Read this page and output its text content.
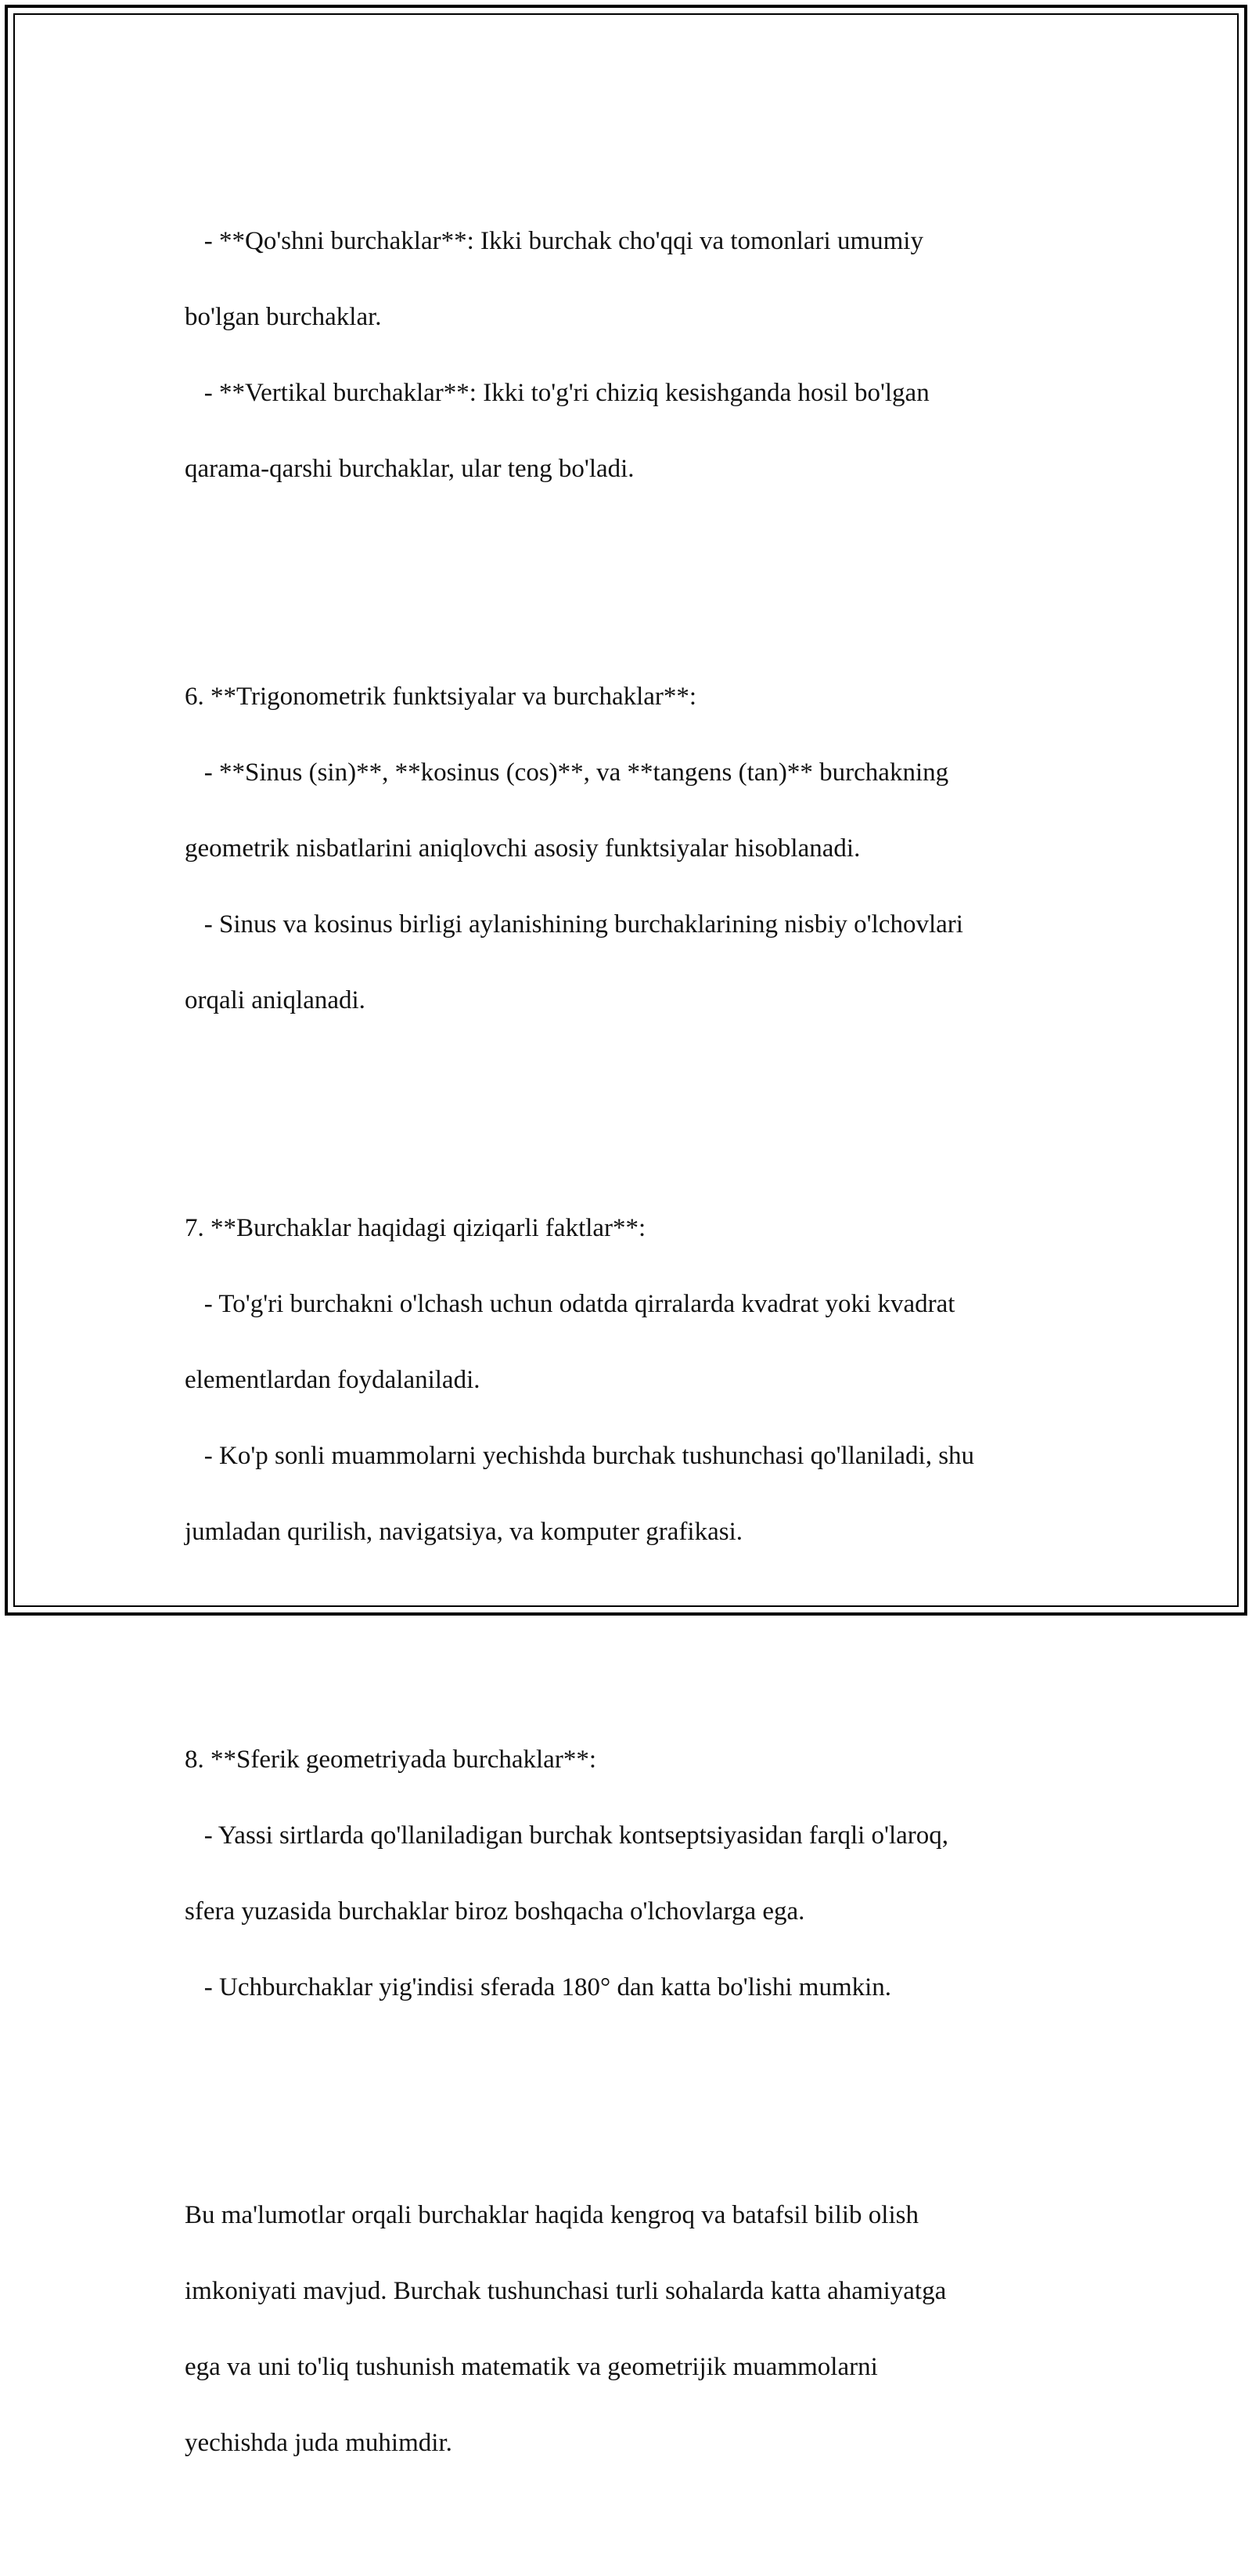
- **Qo'shni burchaklar**: Ikki burchak cho'qqi va tomonlari umumiy

bo'lgan burchaklar.

- **Vertikal burchaklar**: Ikki to'g'ri chiziq kesishganda hosil bo'lgan

qarama-qarshi burchaklar, ular teng bo'ladi.

6. **Trigonometrik funktsiyalar va burchaklar**:

- **Sinus (sin)**, **kosinus (cos)**, va **tangens (tan)** burchakning

geometrik nisbatlarini aniqlovchi asosiy funktsiyalar hisoblanadi.

- Sinus va kosinus birligi aylanishining burchaklarining nisbiy o'lchovlari

orqali aniqlanadi.

7. **Burchaklar haqidagi qiziqarli faktlar**:

- To'g'ri burchakni o'lchash uchun odatda qirralarda kvadrat yoki kvadrat

elementlardan foydalaniladi.

- Ko'p sonli muammolarni yechishda burchak tushunchasi qo'llaniladi, shu

jumladan qurilish, navigatsiya, va komputer grafikasi.

8. **Sferik geometriyada burchaklar**:

- Yassi sirtlarda qo'llaniladigan burchak kontseptsiyasidan farqli o'laroq,

sfera yuzasida burchaklar biroz boshqacha o'lchovlarga ega.

- Uchburchaklar yig'indisi sferada 180° dan katta bo'lishi mumkin.

Bu ma'lumotlar orqali burchaklar haqida kengroq va batafsil bilib olish

imkoniyati mavjud. Burchak tushunchasi turli sohalarda katta ahamiyatga

ega va uni to'liq tushunish matematik va geometrijik muammolarni

yechishda juda muhimdir.
